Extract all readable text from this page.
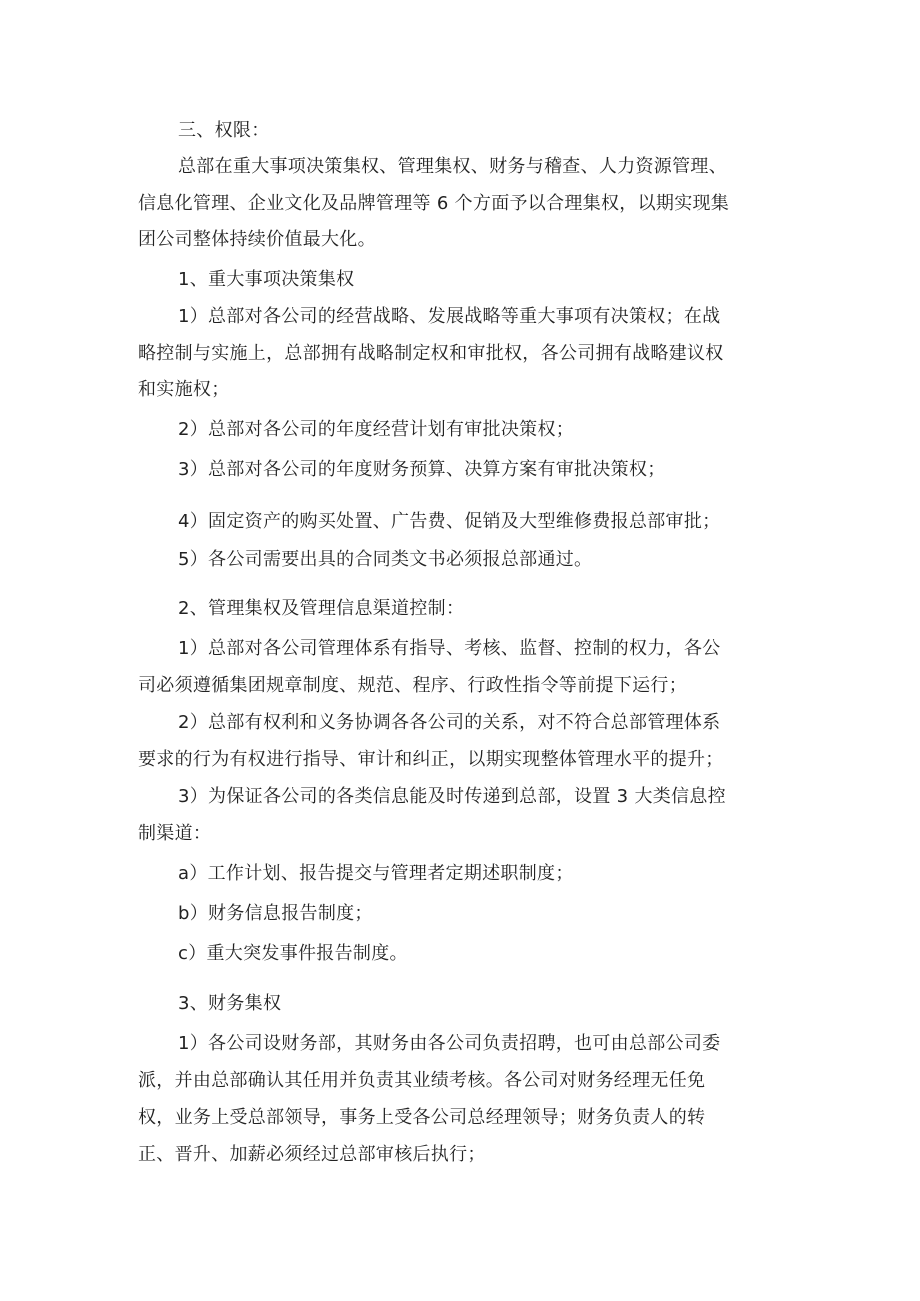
三、权限：
总部在重大事项决策集权、管理集权、财务与稽查、人力资源管理、
信息化管理、企业文化及品牌管理等 6 个方面予以合理集权，以期实现集
团公司整体持续价值最大化。
1、重大事项决策集权
1）总部对各公司的经营战略、发展战略等重大事项有决策权；在战
略控制与实施上，总部拥有战略制定权和审批权，各公司拥有战略建议权
和实施权；
2）总部对各公司的年度经营计划有审批决策权；
3）总部对各公司的年度财务预算、决算方案有审批决策权；
4）固定资产的购买处置、广告费、促销及大型维修费报总部审批；
5）各公司需要出具的合同类文书必须报总部通过。
2、管理集权及管理信息渠道控制：
1）总部对各公司管理体系有指导、考核、监督、控制的权力，各公
司必须遵循集团规章制度、规范、程序、行政性指令等前提下运行；
2）总部有权利和义务协调各各公司的关系，对不符合总部管理体系
要求的行为有权进行指导、审计和纠正，以期实现整体管理水平的提升；
3）为保证各公司的各类信息能及时传递到总部，设置 3 大类信息控
制渠道：
a）工作计划、报告提交与管理者定期述职制度；
b）财务信息报告制度；
c）重大突发事件报告制度。
3、财务集权
1）各公司设财务部，其财务由各公司负责招聘，也可由总部公司委
派，并由总部确认其任用并负责其业绩考核。各公司对财务经理无任免
权，业务上受总部领导，事务上受各公司总经理领导；财务负责人的转
正、晋升、加薪必须经过总部审核后执行；
